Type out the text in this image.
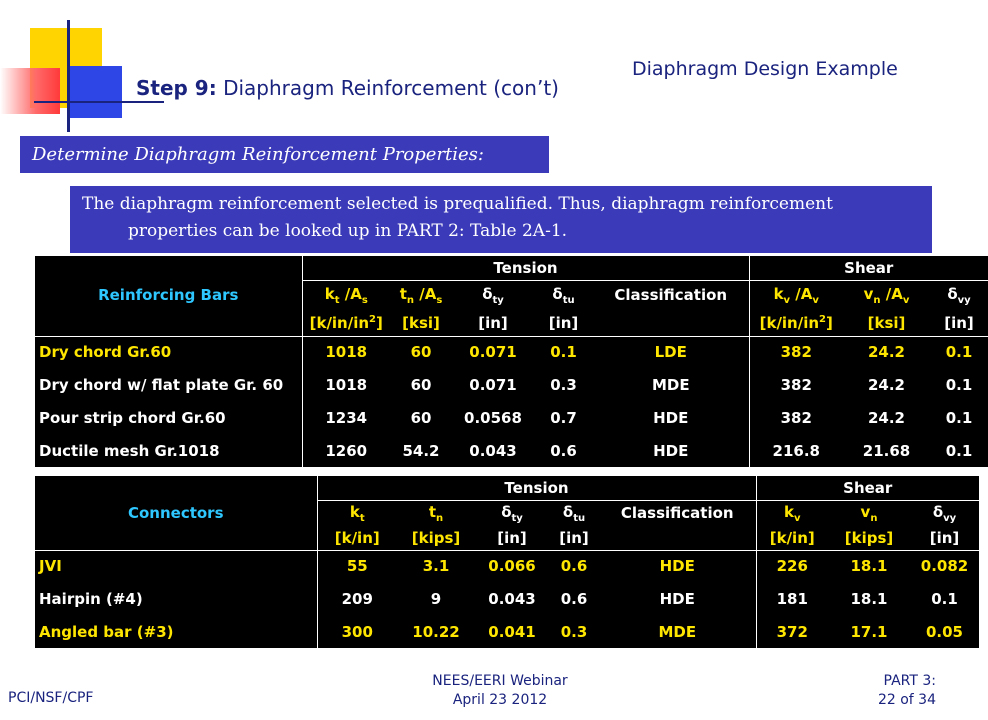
Diaphragm Design Example
Step 9: Diaphragm Reinforcement (con’t)
Determine Diaphragm Reinforcement Properties:
The diaphragm reinforcement selected is prequalified. Thus, diaphragm reinforcement
properties can be looked up in PART 2: Table 2A-1.
	Tension					Shear		
Reinforcing Bars	$k_t$ $/A_s$	$t_n$ $/A_s$	$\delta_{ty}$	$\delta_{tu}$	Classification	$k_v$ $/A_v$	$v_n$ $/A_v$	$\delta_{vy}$
	$[k/in/in^2]$	[ksi]	[in]	[in]		$[k/in/in^2]$	[ksi]	[in]
Dry chord Gr.60	1018	60	0.071	0.1	LDE	382	24.2	0.1
Dry chord w/ flat plate Gr. 60	1018	60	0.071	0.3	MDE	382	24.2	0.1
Pour strip chord Gr.60	1234	60	0.0568	0.7	HDE	382	24.2	0.1
Ductile mesh Gr.1018	1260	54.2	0.043	0.6	HDE	216.8	21.68	0.1
	Tension					Shear		
Connectors	$k_t$	$t_n$	$\delta_{ty}$	$\delta_{tu}$	Classification	$k_v$	$v_n$	$\delta_{vy}$
	[k/in]	[kips]	[in]	[in]		[k/in]	[kips]	[in]
JVI	55	3.1	0.066	0.6	HDE	226	18.1	0.082
Hairpin (#4)	209	9	0.043	0.6	HDE	181	18.1	0.1
Angled bar (#3)	300	10.22	0.041	0.3	MDE	372	17.1	0.05
PCI/NSF/CPF
NEES/EERI Webinar
April 23 2012
PART 3:
22 of 34
